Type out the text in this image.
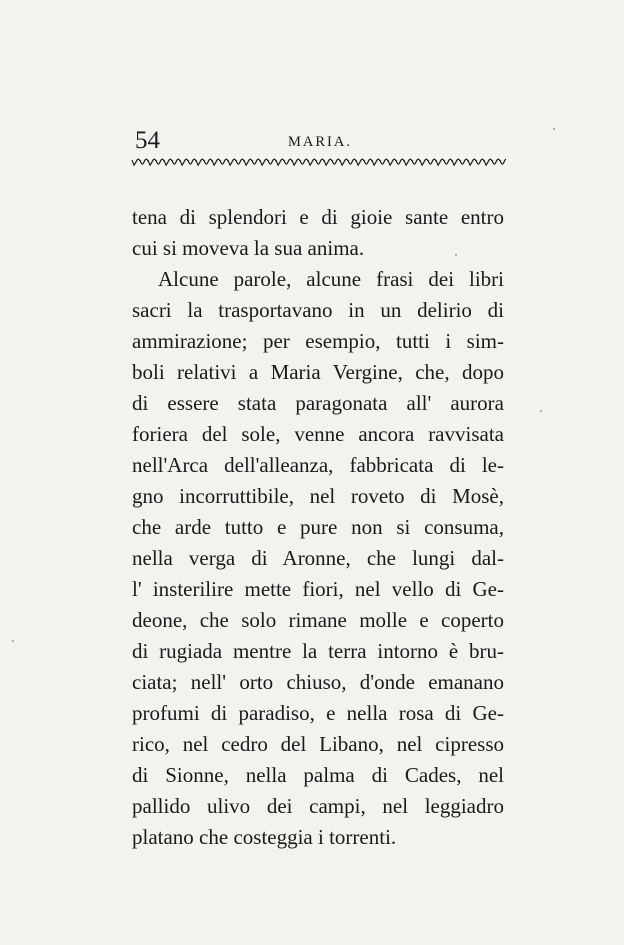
54	MARIA.
tena di splendori e di gioie sante entro
cui si moveva la sua anima.
Alcune parole, alcune frasi dei libri
sacri la trasportavano in un delirio di
ammirazione; per esempio, tutti i sim-
boli relativi a Maria Vergine, che, dopo
di essere stata paragonata all' aurora
foriera del sole, venne ancora ravvisata
nell'Arca dell'alleanza, fabbricata di le-
gno incorruttibile, nel roveto di Mosè,
che arde tutto e pure non si consuma,
nella verga di Aronne, che lungi dal-
l' insterilire mette fiori, nel vello di Ge-
deone, che solo rimane molle e coperto
di rugiada mentre la terra intorno è bru-
ciata; nell' orto chiuso, d'onde emanano
profumi di paradiso, e nella rosa di Ge-
rico, nel cedro del Libano, nel cipresso
di Sionne, nella palma di Cades, nel
pallido ulivo dei campi, nel leggiadro
platano che costeggia i torrenti.
